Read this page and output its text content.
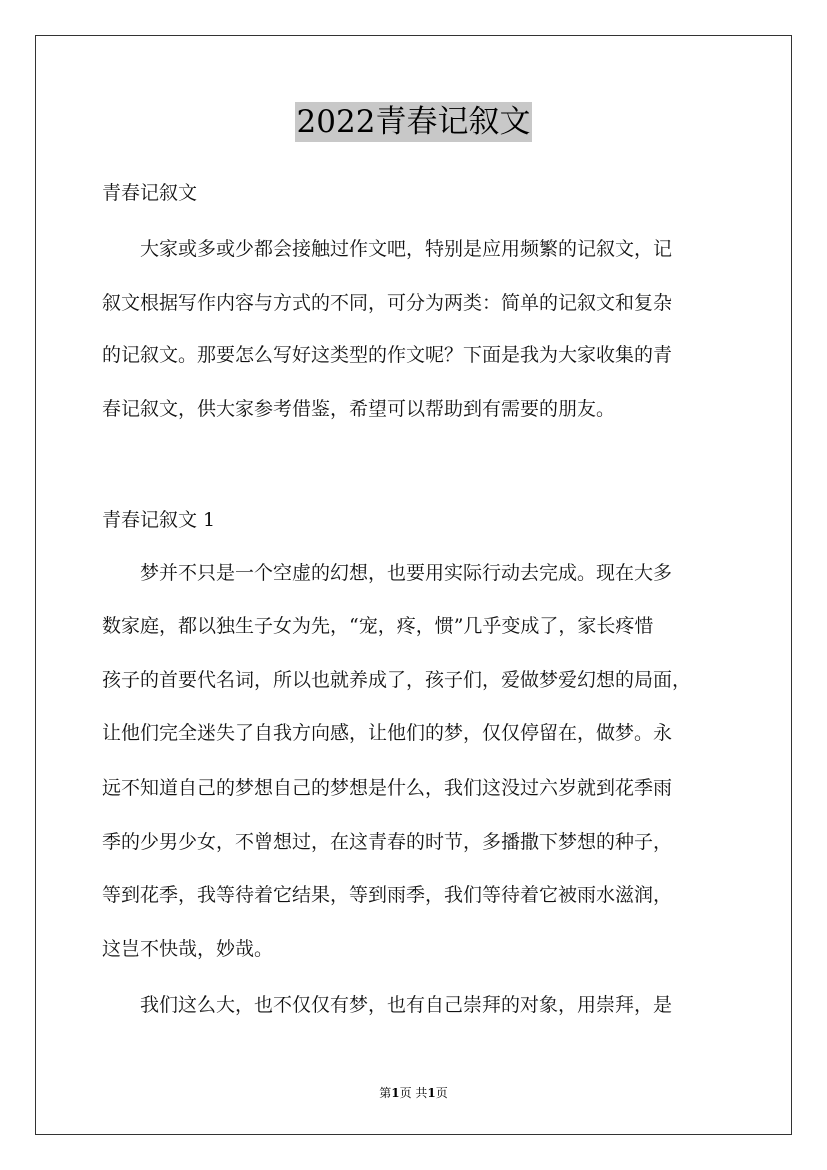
2022青春记叙文
青春记叙文
大家或多或少都会接触过作文吧，特别是应用频繁的记叙文，记
叙文根据写作内容与方式的不同，可分为两类：简单的记叙文和复杂
的记叙文。那要怎么写好这类型的作文呢？下面是我为大家收集的青
春记叙文，供大家参考借鉴，希望可以帮助到有需要的朋友。
青春记叙文 1
梦并不只是一个空虚的幻想，也要用实际行动去完成。现在大多
数家庭，都以独生子女为先，“宠，疼，惯”几乎变成了，家长疼惜
孩子的首要代名词，所以也就养成了，孩子们，爱做梦爱幻想的局面，
让他们完全迷失了自我方向感，让他们的梦，仅仅停留在，做梦。永
远不知道自己的梦想自己的梦想是什么，我们这没过六岁就到花季雨
季的少男少女，不曾想过，在这青春的时节，多播撒下梦想的种子，
等到花季，我等待着它结果，等到雨季，我们等待着它被雨水滋润，
这岂不快哉，妙哉。
我们这么大，也不仅仅有梦，也有自己崇拜的对象，用崇拜，是
第1页 共1页
